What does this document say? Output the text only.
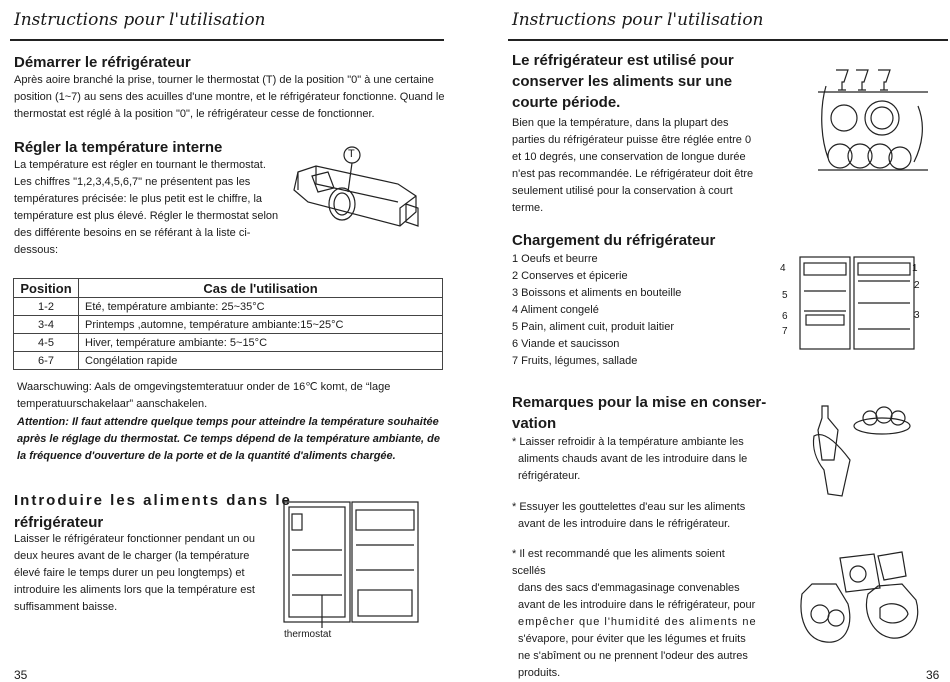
Instructions pour l'utilisation
Démarrer le réfrigérateur
Après aoire branché la prise, tourner le thermostat (T) de la position "0" à une certaine
position (1~7) au sens des acuilles d'une montre, et le réfrigérateur fonctionne. Quand le
thermostat est réglé à la position "0", le réfrigérateur cesse de fonctionner.
Régler la température interne
La température est régler en tournant le thermostat.
Les chiffres "1,2,3,4,5,6,7" ne présentent pas les
températures précisée: le plus petit est le chiffre, la
température est plus élevé. Régler le thermostat selon
des différente besoins en se référant à la liste ci-
dessous:
T
Position	Cas de l'utilisation
1-2	Eté, température ambiante: 25~35°C
3-4	Printemps ,automne, température ambiante:15~25°C
4-5	Hiver, température ambiante: 5~15°C
6-7	Congélation rapide
Waarschuwing: Aals de omgevingstemteratuur onder de 16℃ komt, de “lage
temperatuurschakelaar” aanschakelen.
Attention: Il faut attendre quelque temps pour atteindre la température souhaitée
après le réglage du thermostat. Ce temps dépend de la température ambiante, de
la fréquence d'ouverture de la porte et de la quantité d'aliments chargée.
Introduire les aliments dans le
réfrigérateur
Laisser le réfrigérateur fonctionner pendant un ou
deux heures avant de le charger (la température
élevé faire le temps durer un peu longtemps) et
introduire les aliments lors que la température est
suffisamment baisse.
thermostat
35
Instructions pour l'utilisation
Le réfrigérateur est utilisé pour
conserver les aliments sur une
courte période.
Bien que la température, dans la plupart des
parties du réfrigérateur puisse être réglée entre 0
et 10 degrés, une conservation de longue durée
n'est pas recommandée. Le réfrigérateur doit être
seulement utilisé pour la conservation à court
terme.
Chargement du réfrigérateur
1 Oeufs et beurre
2 Conserves et épicerie
3 Boissons et aliments en bouteille
4 Aliment congelé
5 Pain, aliment cuit, produit laitier
6 Viande et saucisson
7 Fruits, légumes, sallade
4	1
2
5
6	3
7
Remarques pour la mise en conser-
vation
* Laisser refroidir à la température ambiante les
aliments chauds avant de les introduire dans le
réfrigérateur.
* Essuyer les gouttelettes d'eau sur les aliments
avant de les introduire dans le réfrigérateur.
* Il est recommandé que les aliments soient scellés
dans des sacs d'emmagasinage convenables
avant de les introduire dans le réfrigérateur, pour
empêcher que l'humidité des aliments ne
s'évapore, pour éviter que les légumes et fruits
ne s'abîment ou ne prennent l'odeur des autres
produits.	36
